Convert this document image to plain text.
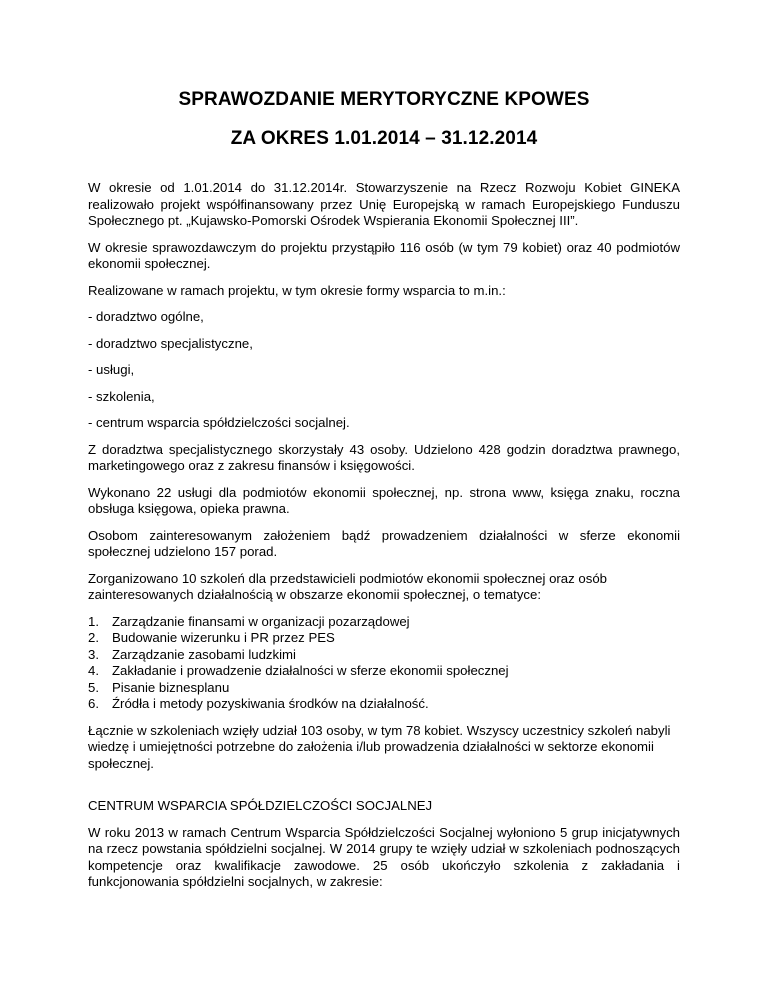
SPRAWOZDANIE MERYTORYCZNE KPOWES
ZA OKRES 1.01.2014 – 31.12.2014

W okresie od 1.01.2014 do 31.12.2014r. Stowarzyszenie na Rzecz Rozwoju Kobiet GINEKA realizowało projekt współfinansowany przez Unię Europejską w ramach Europejskiego Funduszu Społecznego pt. „Kujawsko-Pomorski Ośrodek Wspierania Ekonomii Społecznej III”.

W okresie sprawozdawczym do projektu przystąpiło 116 osób (w tym 79 kobiet) oraz 40 podmiotów ekonomii społecznej.

Realizowane w ramach projektu, w tym okresie formy wsparcia to m.in.:

- doradztwo ogólne,

- doradztwo specjalistyczne,

- usługi,

- szkolenia,

- centrum wsparcia spółdzielczości socjalnej.

Z doradztwa specjalistycznego skorzystały 43 osoby. Udzielono 428 godzin doradztwa prawnego, marketingowego oraz z zakresu finansów i księgowości.

Wykonano 22 usługi dla podmiotów ekonomii społecznej, np. strona www, księga znaku, roczna obsługa księgowa, opieka prawna.

Osobom zainteresowanym założeniem bądź prowadzeniem działalności w sferze ekonomii społecznej udzielono 157 porad.

Zorganizowano 10 szkoleń dla przedstawicieli podmiotów ekonomii społecznej oraz osób zainteresowanych działalnością w obszarze ekonomii społecznej, o tematyce:

1. Zarządzanie finansami w organizacji pozarządowej
2. Budowanie wizerunku i PR przez PES
3. Zarządzanie zasobami ludzkimi
4. Zakładanie i prowadzenie działalności w sferze ekonomii społecznej
5. Pisanie biznesplanu
6. Źródła i metody pozyskiwania środków na działalność.

Łącznie w szkoleniach wzięły udział 103 osoby, w tym 78 kobiet. Wszyscy uczestnicy szkoleń nabyli wiedzę i umiejętności potrzebne do założenia i/lub prowadzenia działalności w sektorze ekonomii społecznej.

CENTRUM WSPARCIA SPÓŁDZIELCZOŚCI SOCJALNEJ

W roku 2013 w ramach Centrum Wsparcia Spółdzielczości Socjalnej wyłoniono 5 grup inicjatywnych na rzecz powstania spółdzielni socjalnej. W 2014 grupy te wzięły udział w szkoleniach podnoszących kompetencje oraz kwalifikacje zawodowe. 25 osób ukończyło szkolenia z zakładania i funkcjonowania spółdzielni socjalnych, w zakresie:
